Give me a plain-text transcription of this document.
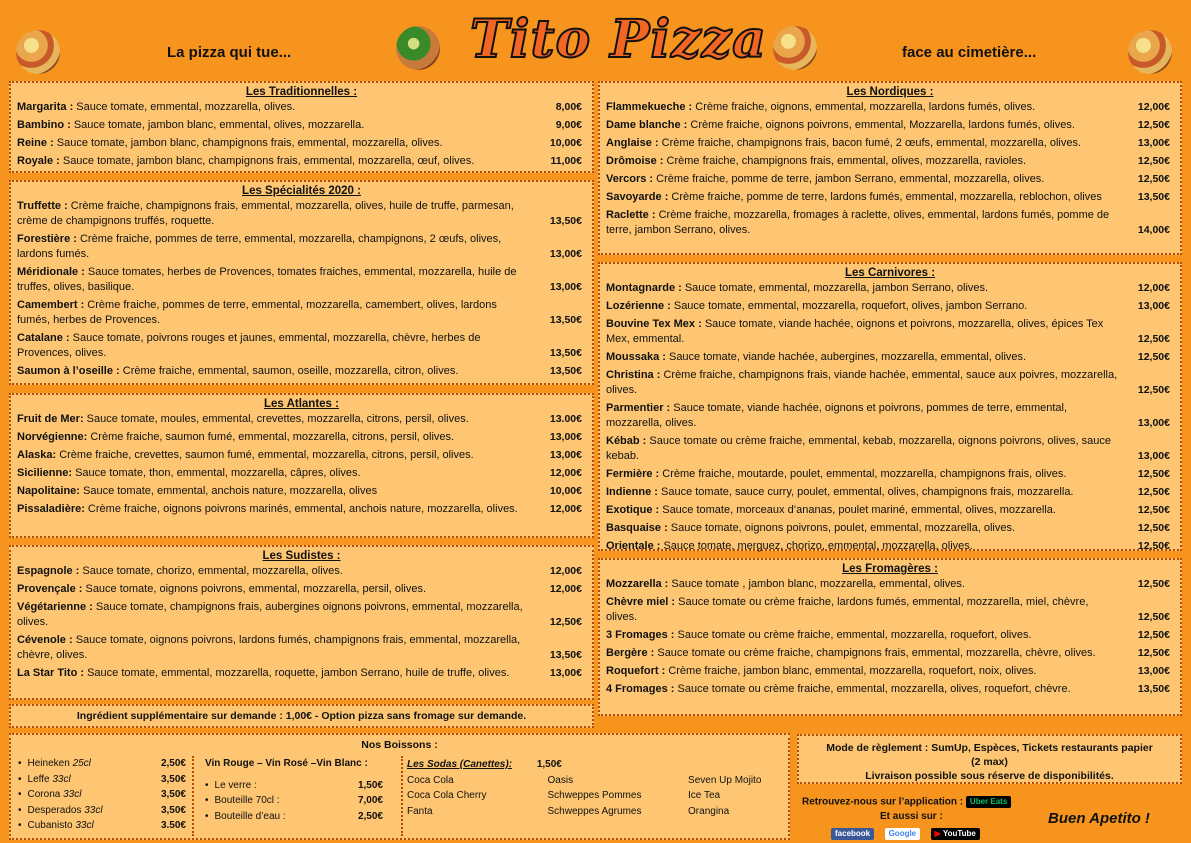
La pizza qui tue...	Tito Pizza	face au cimetière...
Les Traditionnelles :
Margarita : Sauce tomate, emmental, mozzarella, olives.	8,00€
Bambino : Sauce tomate, jambon blanc, emmental, olives, mozzarella.	9,00€
Reine : Sauce tomate, jambon blanc, champignons frais, emmental, mozzarella, olives.	10,00€
Royale : Sauce tomate, jambon blanc, champignons frais, emmental, mozzarella, œuf, olives.	11,00€
Les Spécialités 2020 :
Truffette : Crème fraiche, champignons frais, emmental, mozzarella, olives, huile de truffe, parmesan, crème de champignons truffés, roquette.	13,50€
Forestière : Crème fraiche, pommes de terre, emmental, mozzarella, champignons, 2 œufs, olives, lardons fumés.	13,00€
Méridionale : Sauce tomates, herbes de Provences, tomates fraiches, emmental, mozzarella, huile de truffes, olives, basilique.	13,00€
Camembert : Crème fraiche, pommes de terre, emmental, mozzarella, camembert, olives, lardons fumés, herbes de Provences.	13,50€
Catalane : Sauce tomate, poivrons rouges et jaunes, emmental, mozzarella, chèvre, herbes de Provences, olives.	13,50€
Saumon à l’oseille : Crème fraiche, emmental, saumon, oseille, mozzarella, citron, olives.	13,50€
Les Atlantes :
Fruit de Mer: Sauce tomate, moules, emmental, crevettes, mozzarella, citrons, persil, olives.	13.00€
Norvégienne: Crème fraiche, saumon fumé, emmental, mozzarella, citrons, persil, olives.	13,00€
Alaska: Crème fraiche, crevettes, saumon fumé, emmental, mozzarella, citrons, persil, olives.	13,00€
Sicilienne: Sauce tomate, thon, emmental, mozzarella, câpres, olives.	12,00€
Napolitaine: Sauce tomate, emmental, anchois nature, mozzarella, olives	10,00€
Pissaladière: Crème fraiche, oignons poivrons marinés, emmental, anchois nature, mozzarella, olives.	12,00€
Les Sudistes :
Espagnole : Sauce tomate, chorizo, emmental, mozzarella, olives.	12,00€
Provençale : Sauce tomate, oignons poivrons, emmental, mozzarella, persil, olives.	12,00€
Végétarienne : Sauce tomate, champignons frais, aubergines oignons poivrons, emmental, mozzarella, olives.	12,50€
Cévenole : Sauce tomate, oignons poivrons, lardons fumés, champignons frais, emmental, mozzarella, chèvre, olives.	13,50€
La Star Tito : Sauce tomate, emmental, mozzarella, roquette, jambon Serrano, huile de truffe, olives.	13,00€
Ingrédient supplémentaire sur demande : 1,00€ - Option pizza sans fromage sur demande.
Les Nordiques :
Flammekueche : Crème fraiche, oignons, emmental, mozzarella, lardons fumés, olives.	12,00€
Dame blanche : Crème fraiche, oignons poivrons, emmental, Mozzarella, lardons fumés, olives.	12,50€
Anglaise : Crème fraiche, champignons frais, bacon fumé, 2 œufs, emmental, mozzarella, olives.	13,00€
Drômoise : Crème fraiche, champignons frais, emmental, olives, mozzarella, ravioles.	12,50€
Vercors : Crème fraiche, pomme de terre, jambon Serrano, emmental, mozzarella, olives.	12,50€
Savoyarde : Crème fraiche, pomme de terre, lardons fumés, emmental, mozzarella, reblochon, olives	13,50€
Raclette : Crème fraiche, mozzarella, fromages à raclette, olives, emmental, lardons fumés, pomme de terre, jambon Serrano, olives.	14,00€
Les Carnivores :
Montagnarde : Sauce tomate, emmental, mozzarella, jambon Serrano, olives.	12,00€
Lozérienne : Sauce tomate, emmental, mozzarella, roquefort, olives, jambon Serrano.	13,00€
Bouvine Tex Mex : Sauce tomate, viande hachée, oignons et poivrons, mozzarella, olives, épices Tex Mex, emmental.	12,50€
Moussaka : Sauce tomate, viande hachée, aubergines, mozzarella, emmental, olives.	12,50€
Christina : Crème fraiche, champignons frais, viande hachée, emmental, sauce aux poivres, mozzarella, olives.	12,50€
Parmentier : Sauce tomate, viande hachée, oignons et poivrons, pommes de terre, emmental, mozzarella, olives.	13,00€
Kébab : Sauce tomate ou crème fraiche, emmental, kebab, mozzarella, oignons poivrons, olives, sauce kebab.	13,00€
Fermière : Crème fraiche, moutarde, poulet, emmental, mozzarella, champignons frais, olives.	12,50€
Indienne : Sauce tomate, sauce curry, poulet, emmental, olives, champignons frais, mozzarella.	12,50€
Exotique : Sauce tomate, morceaux d’ananas, poulet mariné, emmental, olives, mozzarella.	12,50€
Basquaise : Sauce tomate, oignons poivrons, poulet, emmental, mozzarella, olives.	12,50€
Orientale : Sauce tomate, merguez, chorizo, emmental, mozzarella, olives.	12,50€
Les Fromagères :
Mozzarella : Sauce tomate , jambon blanc, mozzarella, emmental, olives.	12,50€
Chèvre miel : Sauce tomate ou crème fraiche, lardons fumés, emmental, mozzarella, miel, chèvre, olives.	12,50€
3 Fromages : Sauce tomate ou crème fraiche, emmental, mozzarella, roquefort, olives.	12,50€
Bergère : Sauce tomate ou crème fraiche, champignons frais, emmental, mozzarella, chèvre, olives.	12,50€
Roquefort : Crème fraiche, jambon blanc, emmental, mozzarella, roquefort, noix, olives.	13,00€
4 Fromages : Sauce tomate ou crème fraiche, emmental, mozzarella, olives, roquefort, chèvre.	13,50€
Nos Boissons :
• Heineken 25cl	2,50€
• Leffe 33cl	3,50€
• Corona 33cl	3,50€
• Desperados 33cl	3,50€
• Cubanisto 33cl	3.50€
Vin Rouge – Vin Rosé –Vin Blanc :
• Le verre :	1,50€
• Bouteille 70cl :	7,00€
• Bouteille d’eau :	2,50€
Les Sodas (Canettes): 1,50€
Coca Cola	Oasis	Seven Up Mojito
Coca Cola Cherry	Schweppes Pommes	Ice Tea
Fanta	Schweppes Agrumes	Orangina
Mode de règlement : SumUp, Espèces, Tickets restaurants papier
(2 max)
Livraison possible sous réserve de disponibilités.
Retrouvez-nous sur l’application : Uber Eats
Et aussi sur :
facebook Google ▶ YouTube
Buen Apetito !
